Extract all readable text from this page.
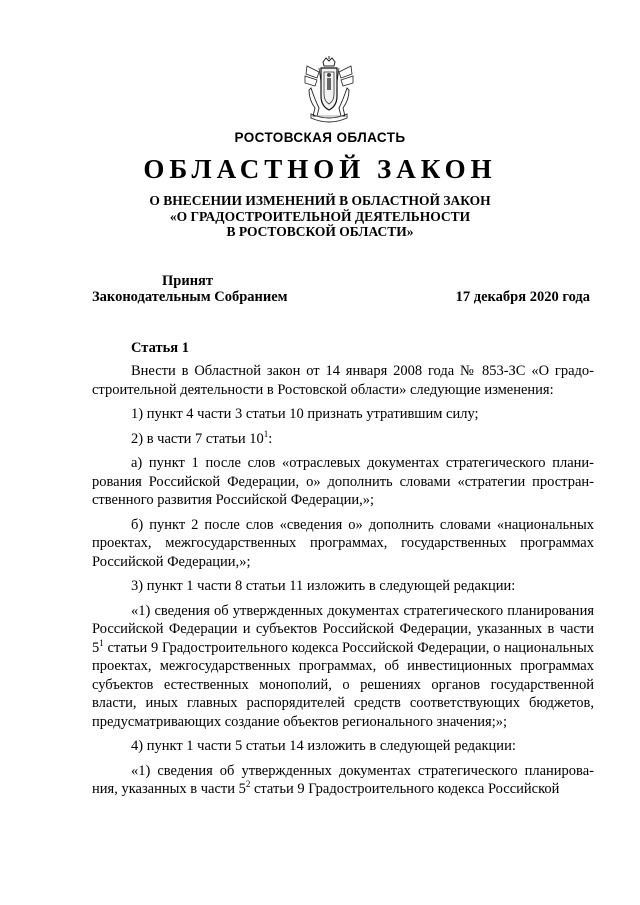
РОСТОВСКАЯ ОБЛАСТЬ
ОБЛАСТНОЙ ЗАКОН
О ВНЕСЕНИИ ИЗМЕНЕНИЙ В ОБЛАСТНОЙ ЗАКОН
«О ГРАДОСТРОИТЕЛЬНОЙ ДЕЯТЕЛЬНОСТИ
В РОСТОВСКОЙ ОБЛАСТИ»
Принят
Законодательным Собранием	17 декабря 2020 года
Статья 1

Внести в Областной закон от 14 января 2008 года № 853-ЗС «О градостроительной деятельности в Ростовской области» следующие изменения:

1) пункт 4 части 3 статьи 10 признать утратившим силу;

2) в части 7 статьи $10^1$:

а) пункт 1 после слов «отраслевых документах стратегического планирования Российской Федерации, о» дополнить словами «стратегии пространственного развития Российской Федерации,»;

б) пункт 2 после слов «сведения о» дополнить словами «национальных проектах, межгосударственных программах, государственных программах Российской Федерации,»;

3) пункт 1 части 8 статьи 11 изложить в следующей редакции:

«1) сведения об утвержденных документах стратегического планирования Российской Федерации и субъектов Российской Федерации, указанных в части $5^1$ статьи 9 Градостроительного кодекса Российской Федерации, о национальных проектах, межгосударственных программах, об инвестиционных программах субъектов естественных монополий, о решениях органов государственной власти, иных главных распорядителей средств соответствующих бюджетов, предусматривающих создание объектов регионального значения;»;

4) пункт 1 части 5 статьи 14 изложить в следующей редакции:

«1) сведения об утвержденных документах стратегического планирования, указанных в части $5^2$ статьи 9 Градостроительного кодекса Российской
